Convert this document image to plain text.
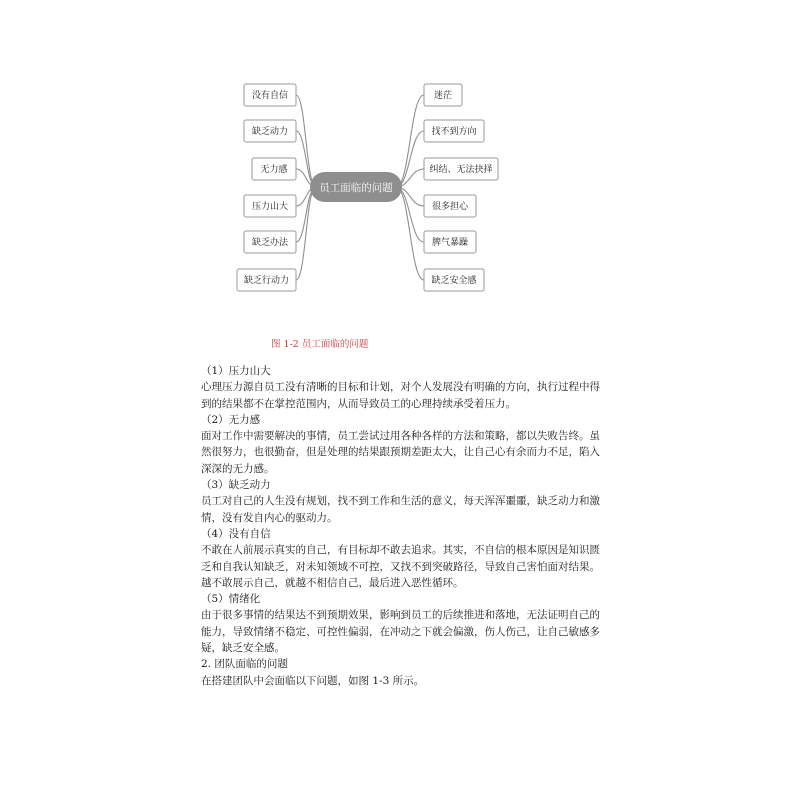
没有自信
缺乏动力
无力感
压力山大
缺乏办法
缺乏行动力
迷茫
找不到方向
纠结、无法抉择
很多担心
脾气暴躁
缺乏安全感
员工面临的问题
图 1-2 员工面临的问题
（1）压力山大
心理压力源自员工没有清晰的目标和计划，对个人发展没有明确的方向，执行过程中得
到的结果都不在掌控范围内，从而导致员工的心理持续承受着压力。
（2）无力感
面对工作中需要解决的事情，员工尝试过用各种各样的方法和策略，都以失败告终。虽
然很努力，也很勤奋，但是处理的结果跟预期差距太大，让自己心有余而力不足，陷入
深深的无力感。
（3）缺乏动力
员工对自己的人生没有规划，找不到工作和生活的意义，每天浑浑噩噩，缺乏动力和激
情，没有发自内心的驱动力。
（4）没有自信
不敢在人前展示真实的自己，有目标却不敢去追求。其实，不自信的根本原因是知识匮
乏和自我认知缺乏，对未知领域不可控，又找不到突破路径，导致自己害怕面对结果。
越不敢展示自己，就越不相信自己，最后进入恶性循环。
（5）情绪化
由于很多事情的结果达不到预期效果，影响到员工的后续推进和落地，无法证明自己的
能力，导致情绪不稳定、可控性偏弱，在冲动之下就会偏激，伤人伤己，让自己敏感多
疑，缺乏安全感。
2. 团队面临的问题
在搭建团队中会面临以下问题，如图 1-3 所示。
